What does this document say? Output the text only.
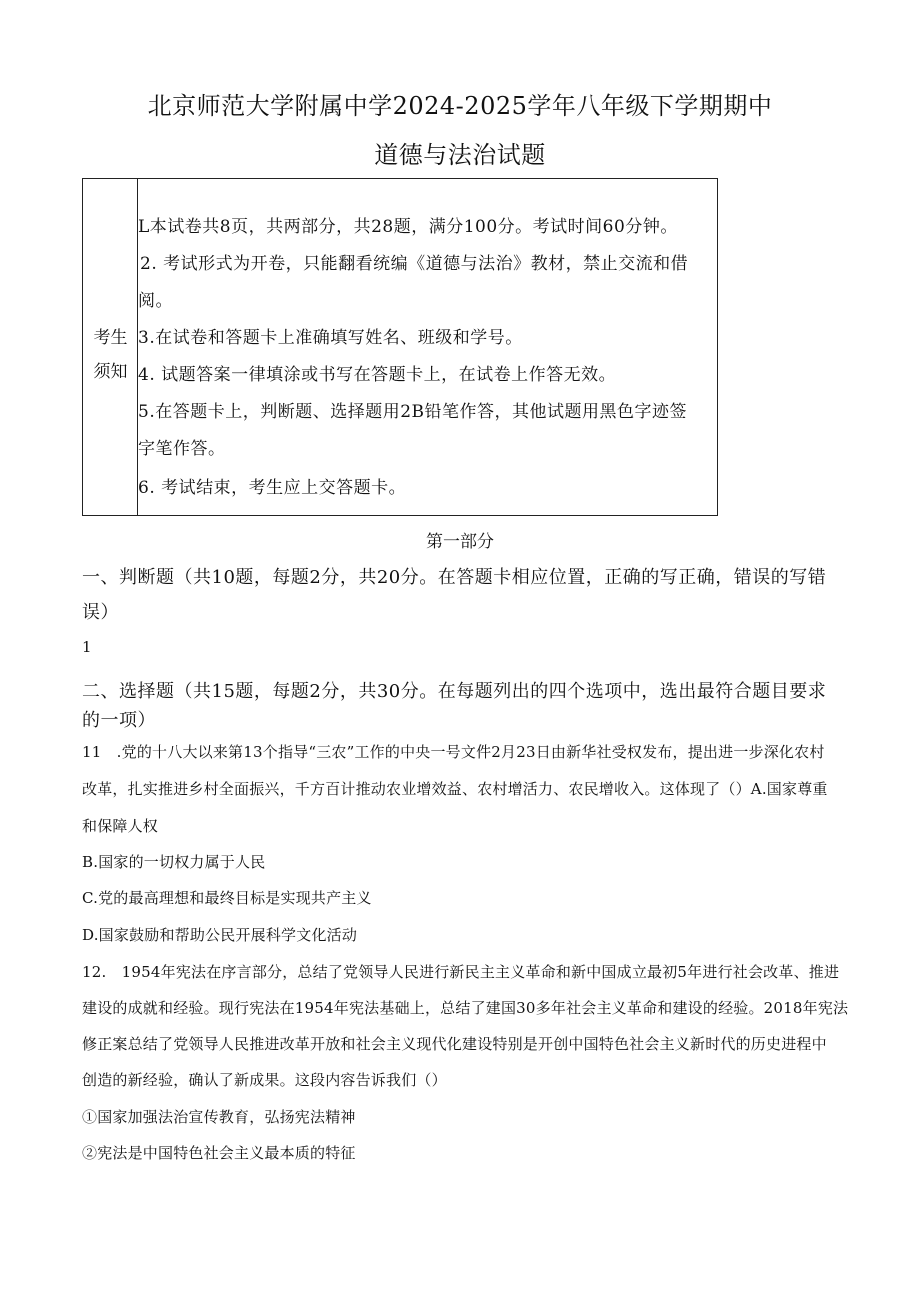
北京师范大学附属中学2024-2025学年八年级下学期期中
道德与法治试题
考生
须知
L本试卷共8页，共两部分，共28题，满分100分。考试时间60分钟。
2. 考试形式为开卷，只能翻看统编《道德与法治》教材，禁止交流和借
阅。
3.在试卷和答题卡上准确填写姓名、班级和学号。
4. 试题答案一律填涂或书写在答题卡上，在试卷上作答无效。
5.在答题卡上，判断题、选择题用2B铅笔作答，其他试题用黑色字迹签
字笔作答。
6. 考试结束，考生应上交答题卡。
第一部分
一、判断题（共10题，每题2分，共20分。在答题卡相应位置，正确的写正确，错误的写错
误）
1
二、选择题（共15题，每题2分，共30分。在每题列出的四个选项中，选出最符合题目要求
的一项）
11　.党的十八大以来第13个指导“三农”工作的中央一号文件2月23日由新华社受权发布，提出进一步深化农村
改革，扎实推进乡村全面振兴，千方百计推动农业增效益、农村增活力、农民增收入。这体现了（）A.国家尊重
和保障人权
B.国家的一切权力属于人民
C.党的最高理想和最终目标是实现共产主义
D.国家鼓励和帮助公民开展科学文化活动
12.　1954年宪法在序言部分，总结了党领导人民进行新民主主义革命和新中国成立最初5年进行社会改革、推进
建设的成就和经验。现行宪法在1954年宪法基础上，总结了建国30多年社会主义革命和建设的经验。2018年宪法
修正案总结了党领导人民推进改革开放和社会主义现代化建设特别是开创中国特色社会主义新时代的历史进程中
创造的新经验，确认了新成果。这段内容告诉我们（）
①国家加强法治宣传教育，弘扬宪法精神
②宪法是中国特色社会主义最本质的特征
